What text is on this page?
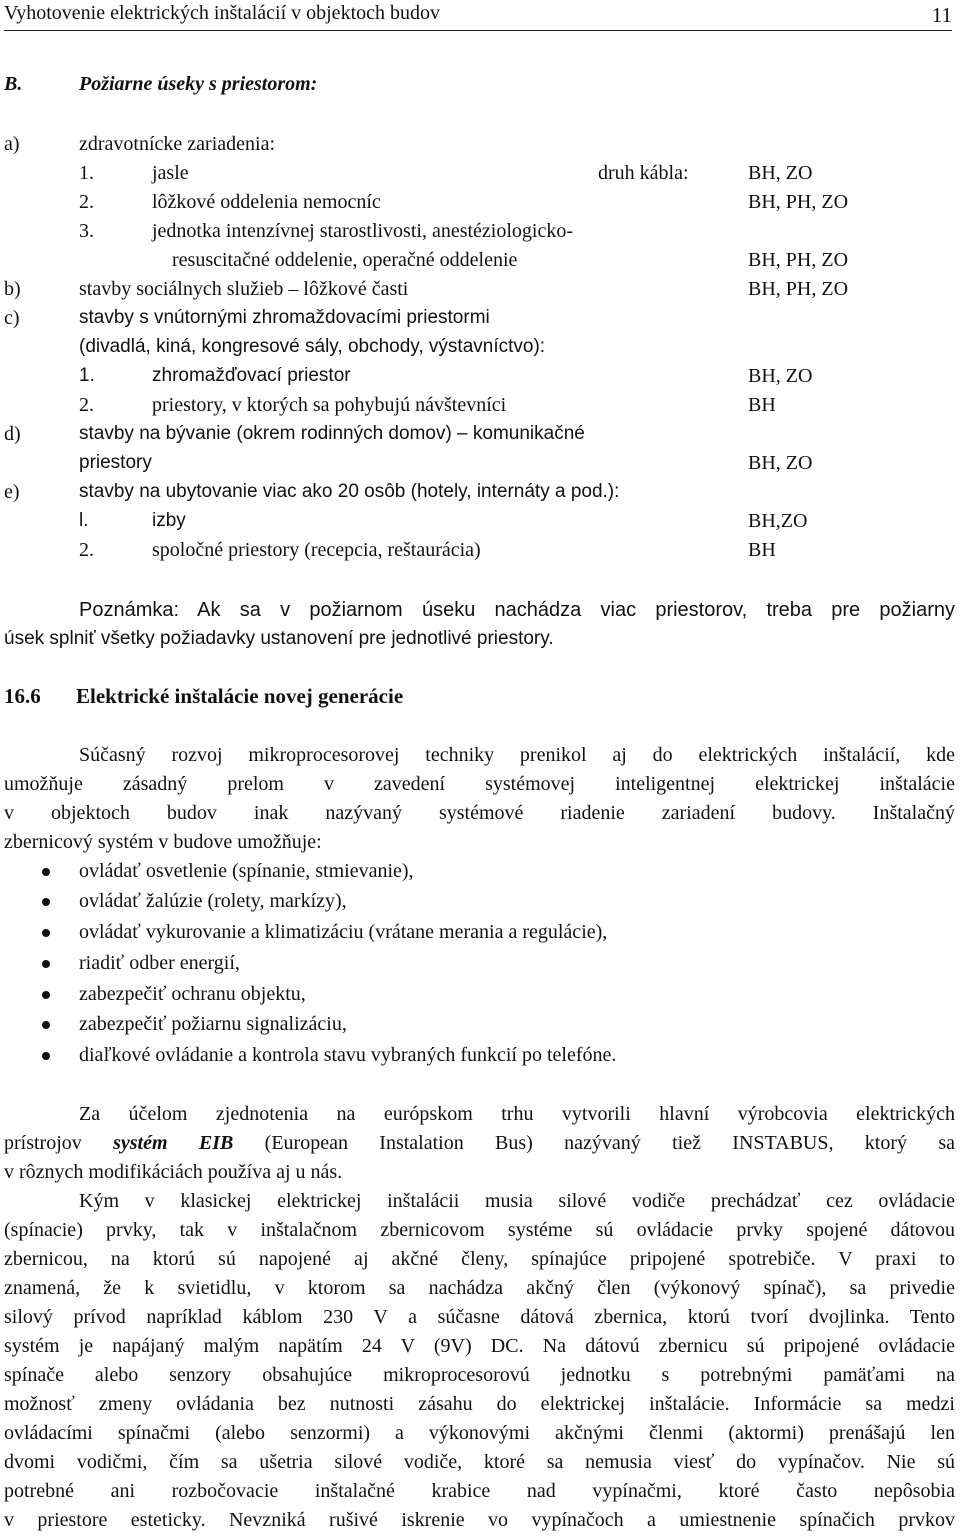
Vyhotovenie elektrických inštalácií v objektoch budov	11
B.	Požiarne úseky s priestorom:
a)	zdravotnícke zariadenia:
1.	jasle	druh kábla:	BH, ZO
2.	lôžkové oddelenia nemocníc	BH, PH, ZO
3.	jednotka intenzívnej starostlivosti, anestéziologicko-
resuscitačné oddelenie, operačné oddelenie	BH, PH, ZO
b)	stavby sociálnych služieb – lôžkové časti	BH, PH, ZO
c)	stavby s vnútornými zhromaždovacími priestormi
(divadlá, kiná, kongresové sály, obchody, výstavníctvo):
1.	zhromažďovací priestor	BH, ZO
2.	priestory, v ktorých sa pohybujú návštevníci	BH
d)	stavby na bývanie (okrem rodinných domov) – komunikačné
priestory	BH, ZO
e)	stavby na ubytovanie viac ako 20 osôb (hotely, internáty a pod.):
l.	izby	BH,ZO
2.	spoločné priestory (recepcia, reštaurácia)	BH
Poznámka: Ak sa v požiarnom úseku nachádza viac priestorov, treba pre požiarny
úsek splniť všetky požiadavky ustanovení pre jednotlivé priestory.
16.6 Elektrické inštalácie novej generácie
Súčasný rozvoj mikroprocesorovej techniky prenikol aj do elektrických inštalácií, kde
umožňuje zásadný prelom v zavedení systémovej inteligentnej elektrickej inštalácie
v objektoch budov inak nazývaný systémové riadenie zariadení budovy. Inštalačný
zbernicový systém v budove umožňuje:
ovládať osvetlenie (spínanie, stmievanie),
ovládať žalúzie (rolety, markízy),
ovládať vykurovanie a klimatizáciu (vrátane merania a regulácie),
riadiť odber energií,
zabezpečiť ochranu objektu,
zabezpečiť požiarnu signalizáciu,
diaľkové ovládanie a kontrola stavu vybraných funkcií po telefóne.
Za účelom zjednotenia na európskom trhu vytvorili hlavní výrobcovia elektrických
prístrojov systém EIB (European Instalation Bus) nazývaný tiež INSTABUS, ktorý sa
v rôznych modifikáciách používa aj u nás.
Kým v klasickej elektrickej inštalácii musia silové vodiče prechádzať cez ovládacie
(spínacie) prvky, tak v inštalačnom zbernicovom systéme sú ovládacie prvky spojené dátovou
zbernicou, na ktorú sú napojené aj akčné členy, spínajúce pripojené spotrebiče. V praxi to
znamená, že k svietidlu, v ktorom sa nachádza akčný člen (výkonový spínač), sa privedie
silový prívod napríklad káblom 230 V a súčasne dátová zbernica, ktorú tvorí dvojlinka. Tento
systém je napájaný malým napätím 24 V (9V) DC. Na dátovú zbernicu sú pripojené ovládacie
spínače alebo senzory obsahujúce mikroprocesorovú jednotku s potrebnými pamäťami na
možnosť zmeny ovládania bez nutnosti zásahu do elektrickej inštalácie. Informácie sa medzi
ovládacími spínačmi (alebo senzormi) a výkonovými akčnými členmi (aktormi) prenášajú len
dvomi vodičmi, čím sa ušetria silové vodiče, ktoré sa nemusia viesť do vypínačov. Nie sú
potrebné ani rozbočovacie inštalačné krabice nad vypínačmi, ktoré často nepôsobia
v priestore esteticky. Nevzniká rušivé iskrenie vo vypínačoch a umiestnenie spínačich prvkov
